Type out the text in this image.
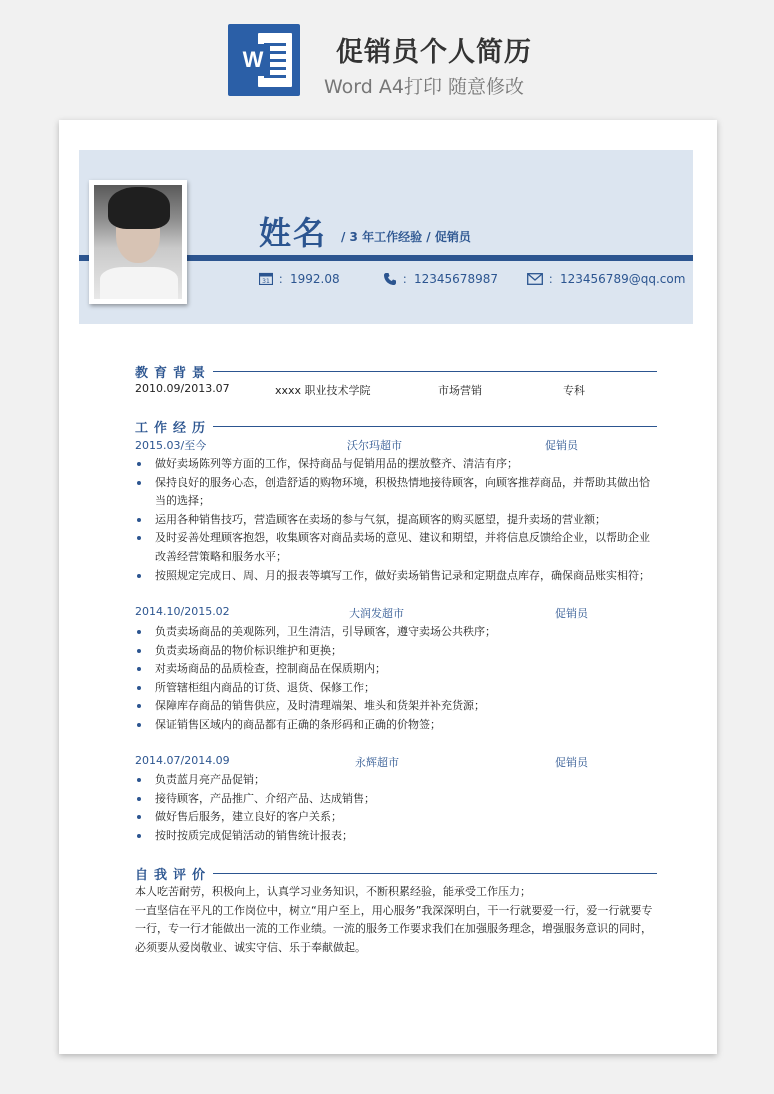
W	促销员个人简历
Word A4打印 随意修改
姓名 / 3 年工作经验 / 促销员
31 ：1992.08	：12345678987	：123456789@qq.com
教育背景
2010.09/2013.07	xxxx 职业技术学院	市场营销	专科
工作经历
2015.03/至今	沃尔玛超市	促销员
做好卖场陈列等方面的工作，保持商品与促销用品的摆放整齐、清洁有序；
保持良好的服务心态，创造舒适的购物环境，积极热情地接待顾客，向顾客推荐商品，并帮助其做出恰当的选择；
运用各种销售技巧，营造顾客在卖场的参与气氛，提高顾客的购买愿望，提升卖场的营业额；
及时妥善处理顾客抱怨，收集顾客对商品卖场的意见、建议和期望，并将信息反馈给企业，以帮助企业改善经营策略和服务水平；
按照规定完成日、周、月的报表等填写工作，做好卖场销售记录和定期盘点库存，确保商品账实相符；
2014.10/2015.02	大润发超市	促销员
负责卖场商品的美观陈列，卫生清洁，引导顾客，遵守卖场公共秩序；
负责卖场商品的物价标识维护和更换；
对卖场商品的品质检查，控制商品在保质期内；
所管辖柜组内商品的订货、退货、保修工作；
保障库存商品的销售供应，及时清理端架、堆头和货架并补充货源；
保证销售区域内的商品都有正确的条形码和正确的价物签；
2014.07/2014.09	永辉超市	促销员
负责蓝月亮产品促销；
接待顾客，产品推广、介绍产品、达成销售；
做好售后服务，建立良好的客户关系；
按时按质完成促销活动的销售统计报表；
自我评价

本人吃苦耐劳，积极向上，认真学习业务知识，不断积累经验，能承受工作压力；

一直坚信在平凡的工作岗位中，树立“用户至上，用心服务”我深深明白，干一行就要爱一行，爱一行就要专一行，专一行才能做出一流的工作业绩。一流的服务工作要求我们在加强服务理念，增强服务意识的同时，必须要从爱岗敬业、诚实守信、乐于奉献做起。
